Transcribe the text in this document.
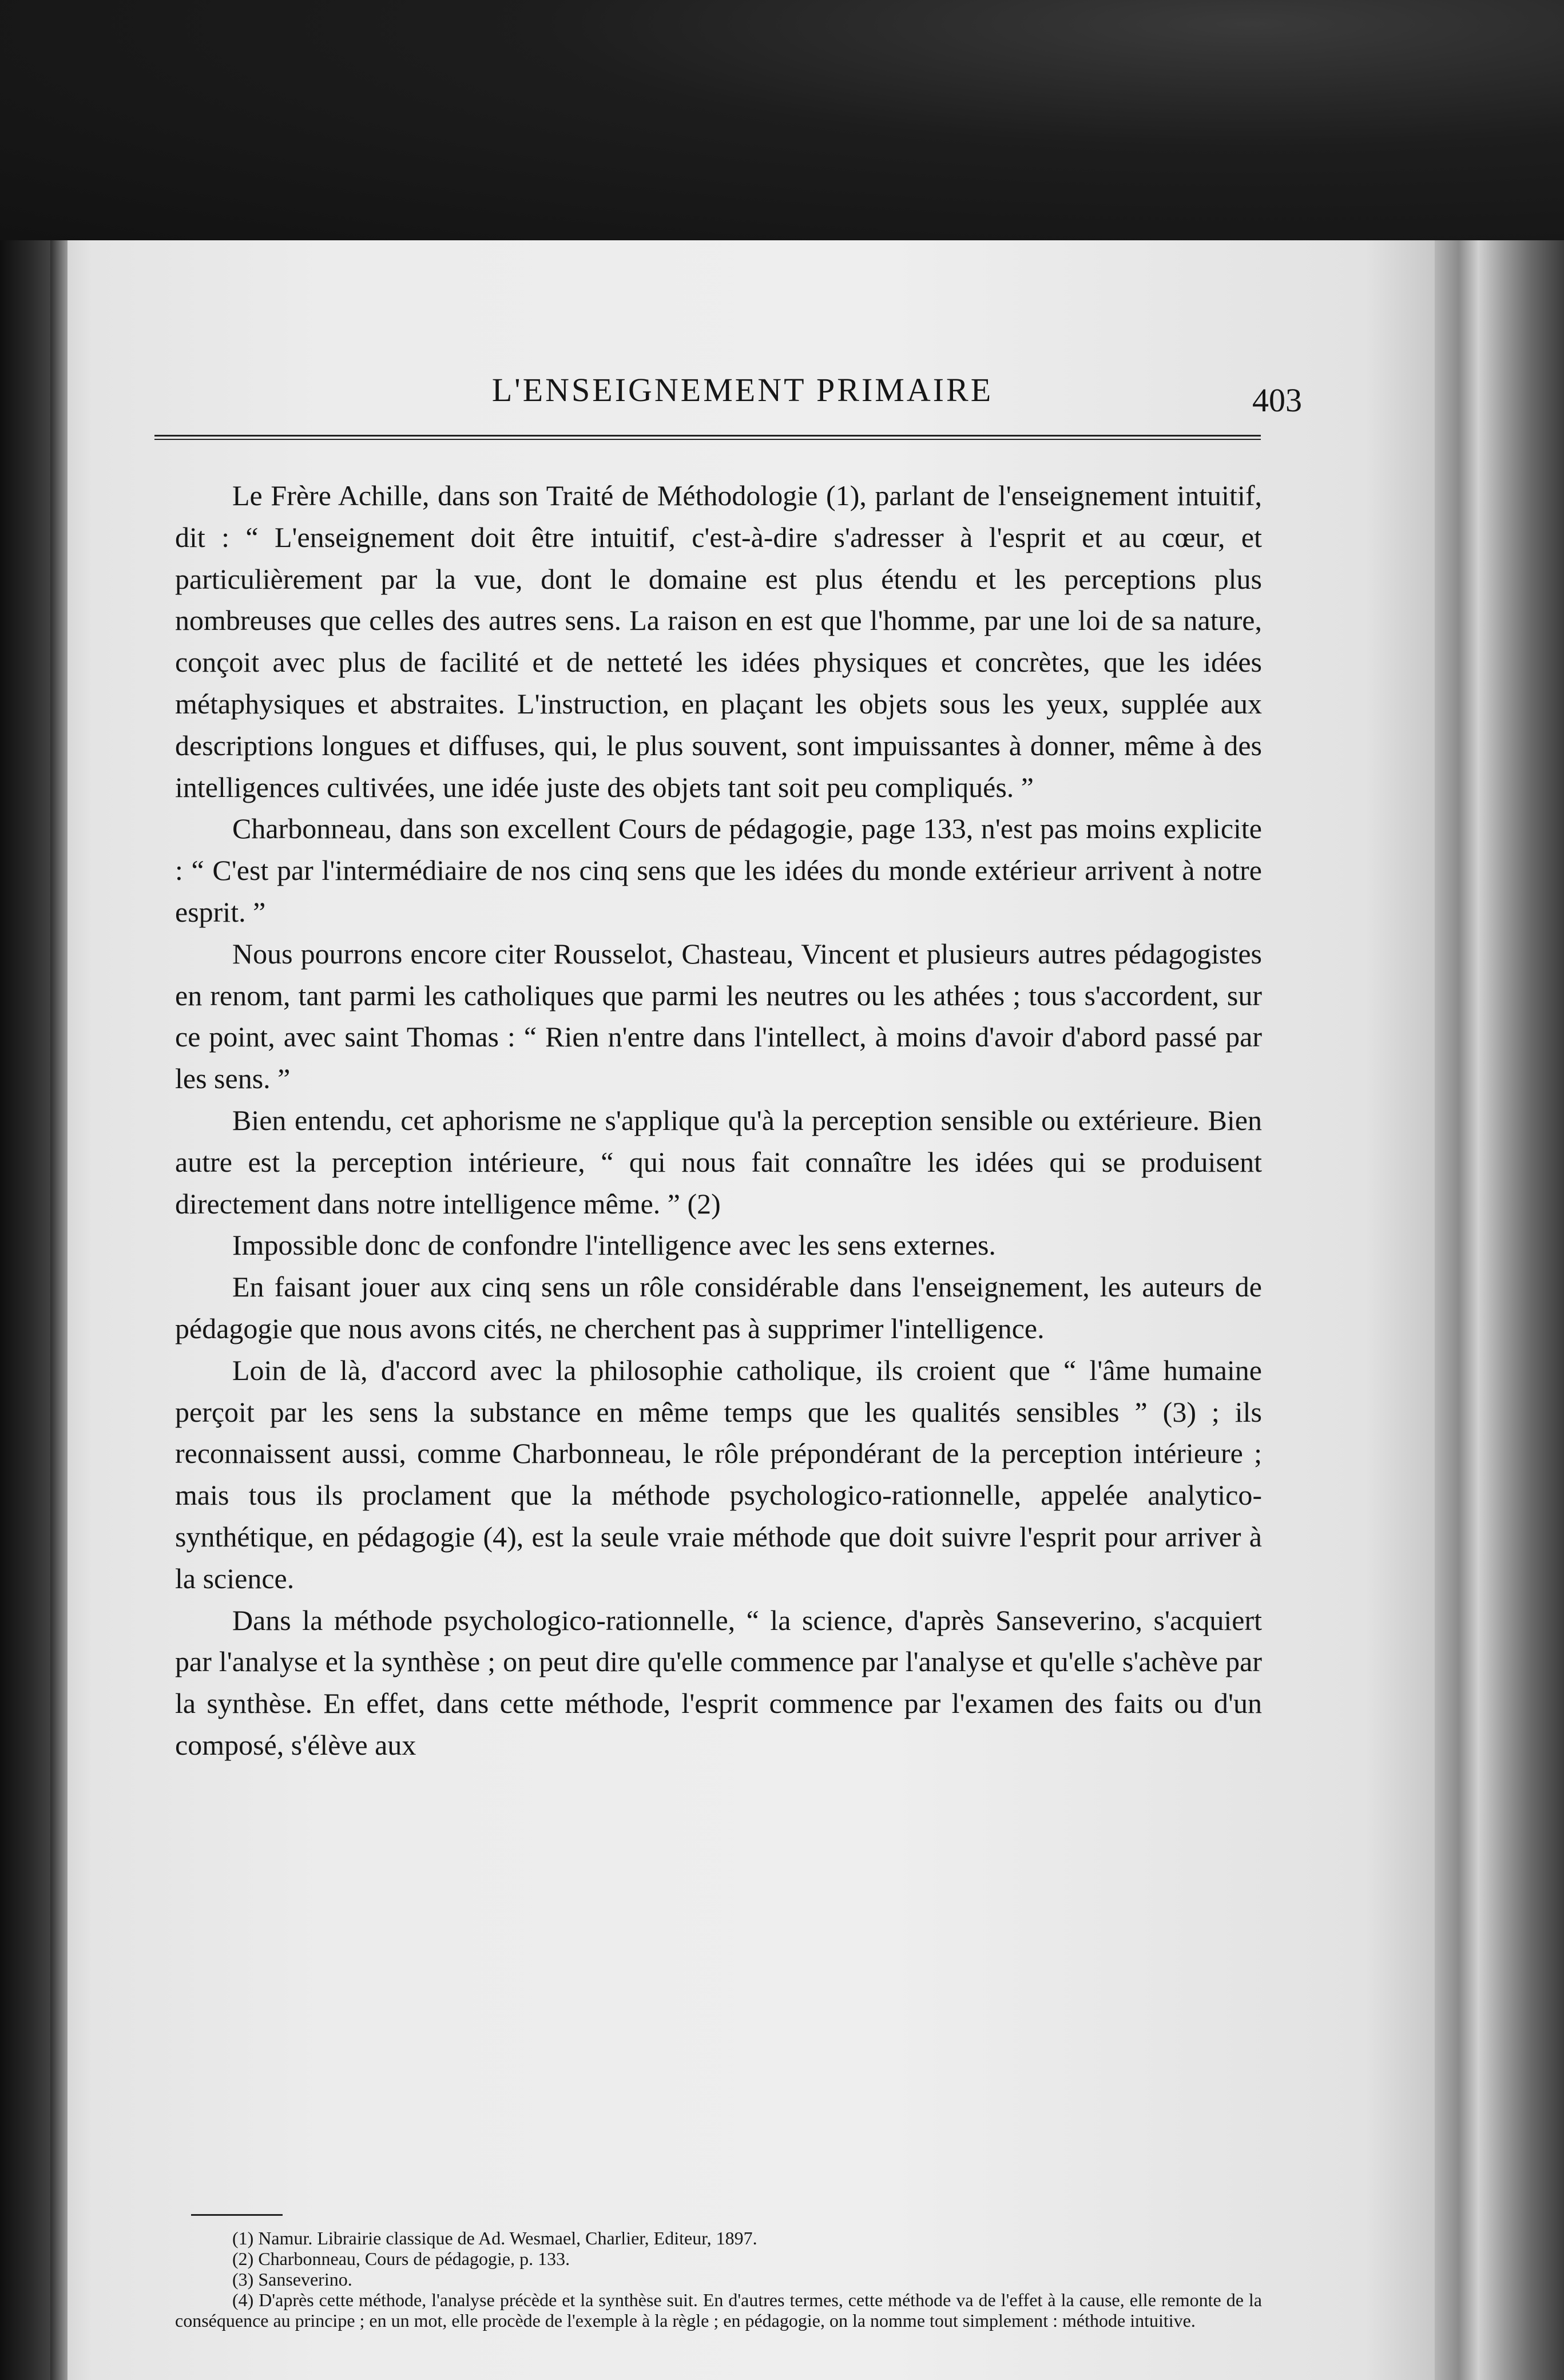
L'ENSEIGNEMENT PRIMAIRE	403

Le Frère Achille, dans son Traité de Méthodologie (1), parlant de l'enseignement intuitif, dit : “ L'enseignement doit être intuitif, c'est-à-dire s'adresser à l'esprit et au cœur, et particulièrement par la vue, dont le domaine est plus étendu et les perceptions plus nombreuses que celles des autres sens. La raison en est que l'homme, par une loi de sa nature, conçoit avec plus de facilité et de netteté les idées physiques et concrètes, que les idées métaphysiques et abstraites. L'instruction, en plaçant les objets sous les yeux, supplée aux descriptions longues et diffuses, qui, le plus souvent, sont impuissantes à donner, même à des intelligences cultivées, une idée juste des objets tant soit peu compliqués. ”

Charbonneau, dans son excellent Cours de pédagogie, page 133, n'est pas moins explicite : “ C'est par l'intermédiaire de nos cinq sens que les idées du monde extérieur arrivent à notre esprit. ”

Nous pourrons encore citer Rousselot, Chasteau, Vincent et plusieurs autres pédagogistes en renom, tant parmi les catholiques que parmi les neutres ou les athées ; tous s'accordent, sur ce point, avec saint Thomas : “ Rien n'entre dans l'intellect, à moins d'avoir d'abord passé par les sens. ”

Bien entendu, cet aphorisme ne s'applique qu'à la perception sensible ou extérieure. Bien autre est la perception intérieure, “ qui nous fait connaître les idées qui se produisent directement dans notre intelligence même. ” (2)

Impossible donc de confondre l'intelligence avec les sens externes.

En faisant jouer aux cinq sens un rôle considérable dans l'enseignement, les auteurs de pédagogie que nous avons cités, ne cherchent pas à supprimer l'intelligence.

Loin de là, d'accord avec la philosophie catholique, ils croient que “ l'âme humaine perçoit par les sens la substance en même temps que les qualités sensibles ” (3) ; ils reconnaissent aussi, comme Charbonneau, le rôle prépondérant de la perception intérieure ; mais tous ils proclament que la méthode psychologico-rationnelle, appelée analytico-synthétique, en pédagogie (4), est la seule vraie méthode que doit suivre l'esprit pour arriver à la science.

Dans la méthode psychologico-rationnelle, “ la science, d'après Sanseverino, s'acquiert par l'analyse et la synthèse ; on peut dire qu'elle commence par l'analyse et qu'elle s'achève par la synthèse. En effet, dans cette méthode, l'esprit commence par l'examen des faits ou d'un composé, s'élève aux

(1) Namur. Librairie classique de Ad. Wesmael, Charlier, Editeur, 1897.

(2) Charbonneau, Cours de pédagogie, p. 133.

(3) Sanseverino.

(4) D'après cette méthode, l'analyse précède et la synthèse suit. En d'autres termes, cette méthode va de l'effet à la cause, elle remonte de la conséquence au principe ; en un mot, elle procède de l'exemple à la règle ; en pédagogie, on la nomme tout simplement : méthode intuitive.
